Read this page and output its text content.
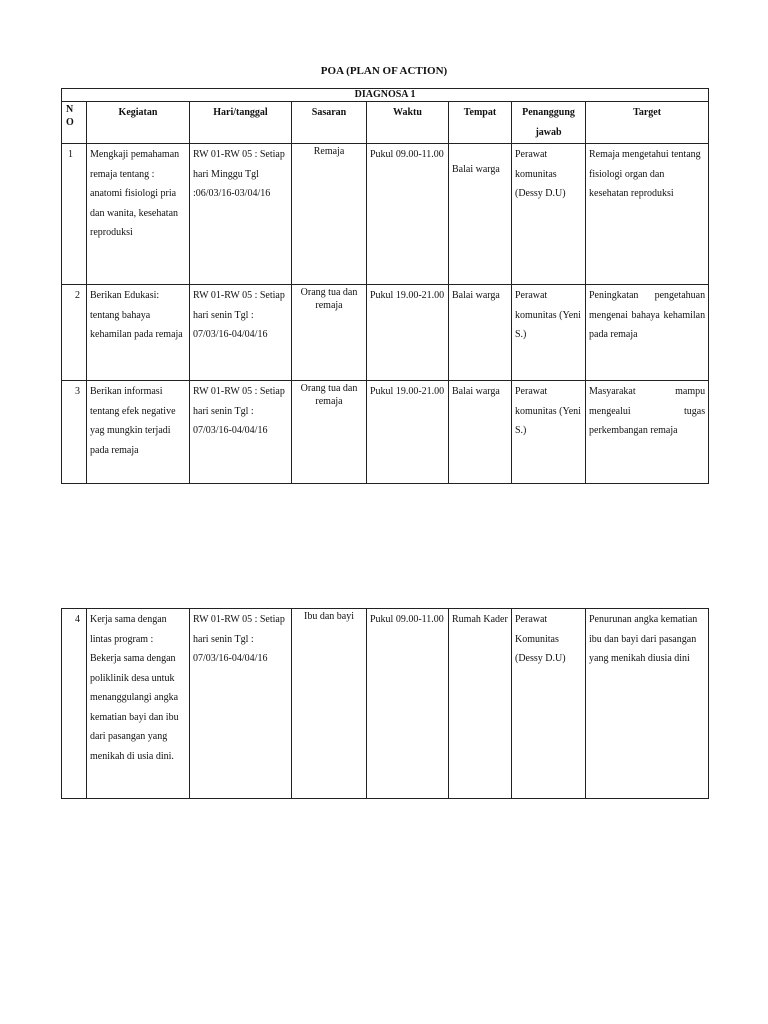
POA (PLAN OF ACTION)
DIAGNOSA 1							
N O	Kegiatan	Hari/tanggal	Sasaran	Waktu	Tempat	Penanggung jawab	Target
1	Mengkaji pemahaman remaja tentang : anatomi fisiologi pria dan wanita, kesehatan reproduksi	RW 01-RW 05 : Setiap hari Minggu Tgl :06/03/16-03/04/16	Remaja	Pukul 09.00-11.00	Balai warga	Perawat komunitas (Dessy D.U)	Remaja mengetahui tentang fisiologi organ dan kesehatan reproduksi
2	Berikan Edukasi: tentang bahaya kehamilan pada remaja	RW 01-RW 05 : Setiap hari senin Tgl : 07/03/16-04/04/16	Orang tua dan remaja	Pukul 19.00-21.00	Balai warga	Perawat komunitas (Yeni S.)	Peningkatan pengetahuan mengenai bahaya kehamilan pada remaja
3	Berikan informasi tentang efek negative yag mungkin terjadi pada remaja	RW 01-RW 05 : Setiap hari senin Tgl : 07/03/16-04/04/16	Orang tua dan remaja	Pukul 19.00-21.00	Balai warga	Perawat komunitas (Yeni S.)	Masyarakat mampu mengealui tugas perkembangan remaja
4	Kerja sama dengan lintas program : Bekerja sama dengan poliklinik desa untuk menanggulangi angka kematian bayi dan ibu dari pasangan yang menikah di usia dini.	RW 01-RW 05 : Setiap hari senin Tgl : 07/03/16-04/04/16	Ibu dan bayi	Pukul 09.00-11.00	Rumah Kader	Perawat Komunitas (Dessy D.U)	Penurunan angka kematian ibu dan bayi dari pasangan yang menikah diusia dini
